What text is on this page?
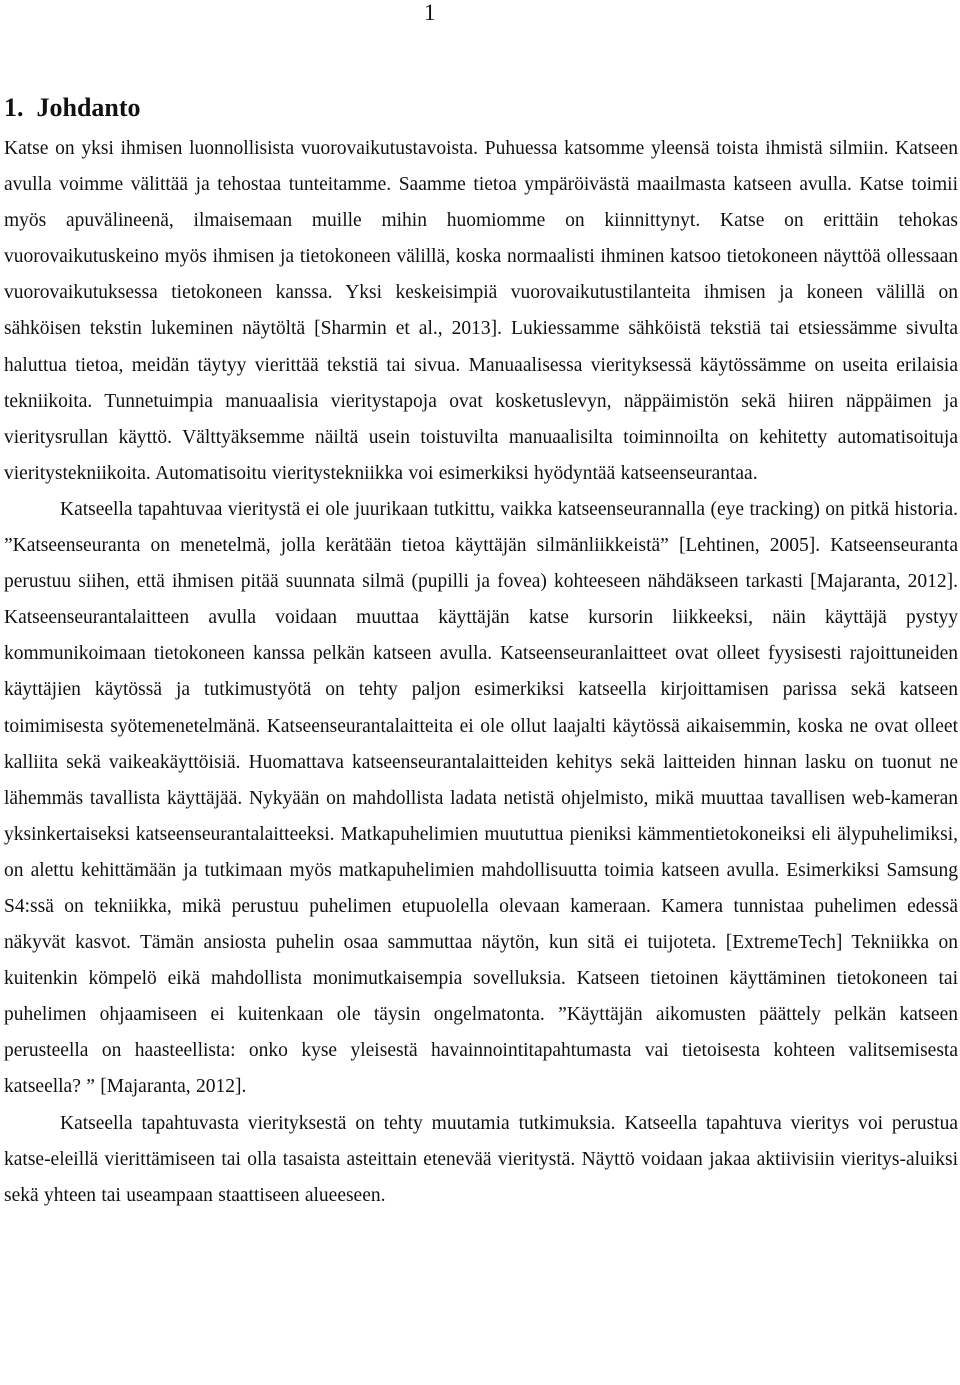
1
1. Johdanto

Katse on yksi ihmisen luonnollisista vuorovaikutustavoista. Puhuessa katsomme yleensä toista ihmistä silmiin. Katseen avulla voimme välittää ja tehostaa tunteitamme. Saamme tietoa ympäröivästä maailmasta katseen avulla. Katse toimii myös apuvälineenä, ilmaisemaan muille mihin huomiomme on kiinnittynyt. Katse on erittäin tehokas vuorovaikutuskeino myös ihmisen ja tietokoneen välillä, koska normaalisti ihminen katsoo tietokoneen näyttöä ollessaan vuorovaikutuksessa tietokoneen kanssa. Yksi keskeisimpiä vuorovaikutustilanteita ihmisen ja koneen välillä on sähköisen tekstin lukeminen näytöltä [Sharmin et al., 2013]. Lukiessamme sähköistä tekstiä tai etsiessämme sivulta haluttua tietoa, meidän täytyy vierittää tekstiä tai sivua. Manuaalisessa vierityksessä käytössämme on useita erilaisia tekniikoita. Tunnetuimpia manuaalisia vieritystapoja ovat kosketuslevyn, näppäimistön sekä hiiren näppäimen ja vieritysrullan käyttö. Välttyäksemme näiltä usein toistuvilta manuaalisilta toiminnoilta on kehitetty automatisoituja vieritystekniikoita. Automatisoitu vieritystekniikka voi esimerkiksi hyödyntää katseenseurantaa.

Katseella tapahtuvaa vieritystä ei ole juurikaan tutkittu, vaikka katseenseurannalla (eye tracking) on pitkä historia. ”Katseenseuranta on menetelmä, jolla kerätään tietoa käyttäjän silmänliikkeistä” [Lehtinen, 2005]. Katseenseuranta perustuu siihen, että ihmisen pitää suunnata silmä (pupilli ja fovea) kohteeseen nähdäkseen tarkasti [Majaranta, 2012]. Katseenseurantalaitteen avulla voidaan muuttaa käyttäjän katse kursorin liikkeeksi, näin käyttäjä pystyy kommunikoimaan tietokoneen kanssa pelkän katseen avulla. Katseenseuranlaitteet ovat olleet fyysisesti rajoittuneiden käyttäjien käytössä ja tutkimustyötä on tehty paljon esimerkiksi katseella kirjoittamisen parissa sekä katseen toimimisesta syötemenetelmänä. Katseenseurantalaitteita ei ole ollut laajalti käytössä aikaisemmin, koska ne ovat olleet kalliita sekä vaikeakäyttöisiä. Huomattava katseenseurantalaitteiden kehitys sekä laitteiden hinnan lasku on tuonut ne lähemmäs tavallista käyttäjää. Nykyään on mahdollista ladata netistä ohjelmisto, mikä muuttaa tavallisen web-kameran yksinkertaiseksi katseenseurantalaitteeksi. Matkapuhelimien muututtua pieniksi kämmentietokoneiksi eli älypuhelimiksi, on alettu kehittämään ja tutkimaan myös matkapuhelimien mahdollisuutta toimia katseen avulla. Esimerkiksi Samsung S4:ssä on tekniikka, mikä perustuu puhelimen etupuolella olevaan kameraan. Kamera tunnistaa puhelimen edessä näkyvät kasvot. Tämän ansiosta puhelin osaa sammuttaa näytön, kun sitä ei tuijoteta. [ExtremeTech] Tekniikka on kuitenkin kömpelö eikä mahdollista monimutkaisempia sovelluksia. Katseen tietoinen käyttäminen tietokoneen tai puhelimen ohjaamiseen ei kuitenkaan ole täysin ongelmatonta. ”Käyttäjän aikomusten päättely pelkän katseen perusteella on haasteellista: onko kyse yleisestä havainnointitapahtumasta vai tietoisesta kohteen valitsemisesta katseella? ” [Majaranta, 2012].

Katseella tapahtuvasta vierityksestä on tehty muutamia tutkimuksia. Katseella tapahtuva vieritys voi perustua katse-eleillä vierittämiseen tai olla tasaista asteittain etenevää vieritystä. Näyttö voidaan jakaa aktiivisiin vieritys-aluiksi sekä yhteen tai useampaan staattiseen alueeseen.
